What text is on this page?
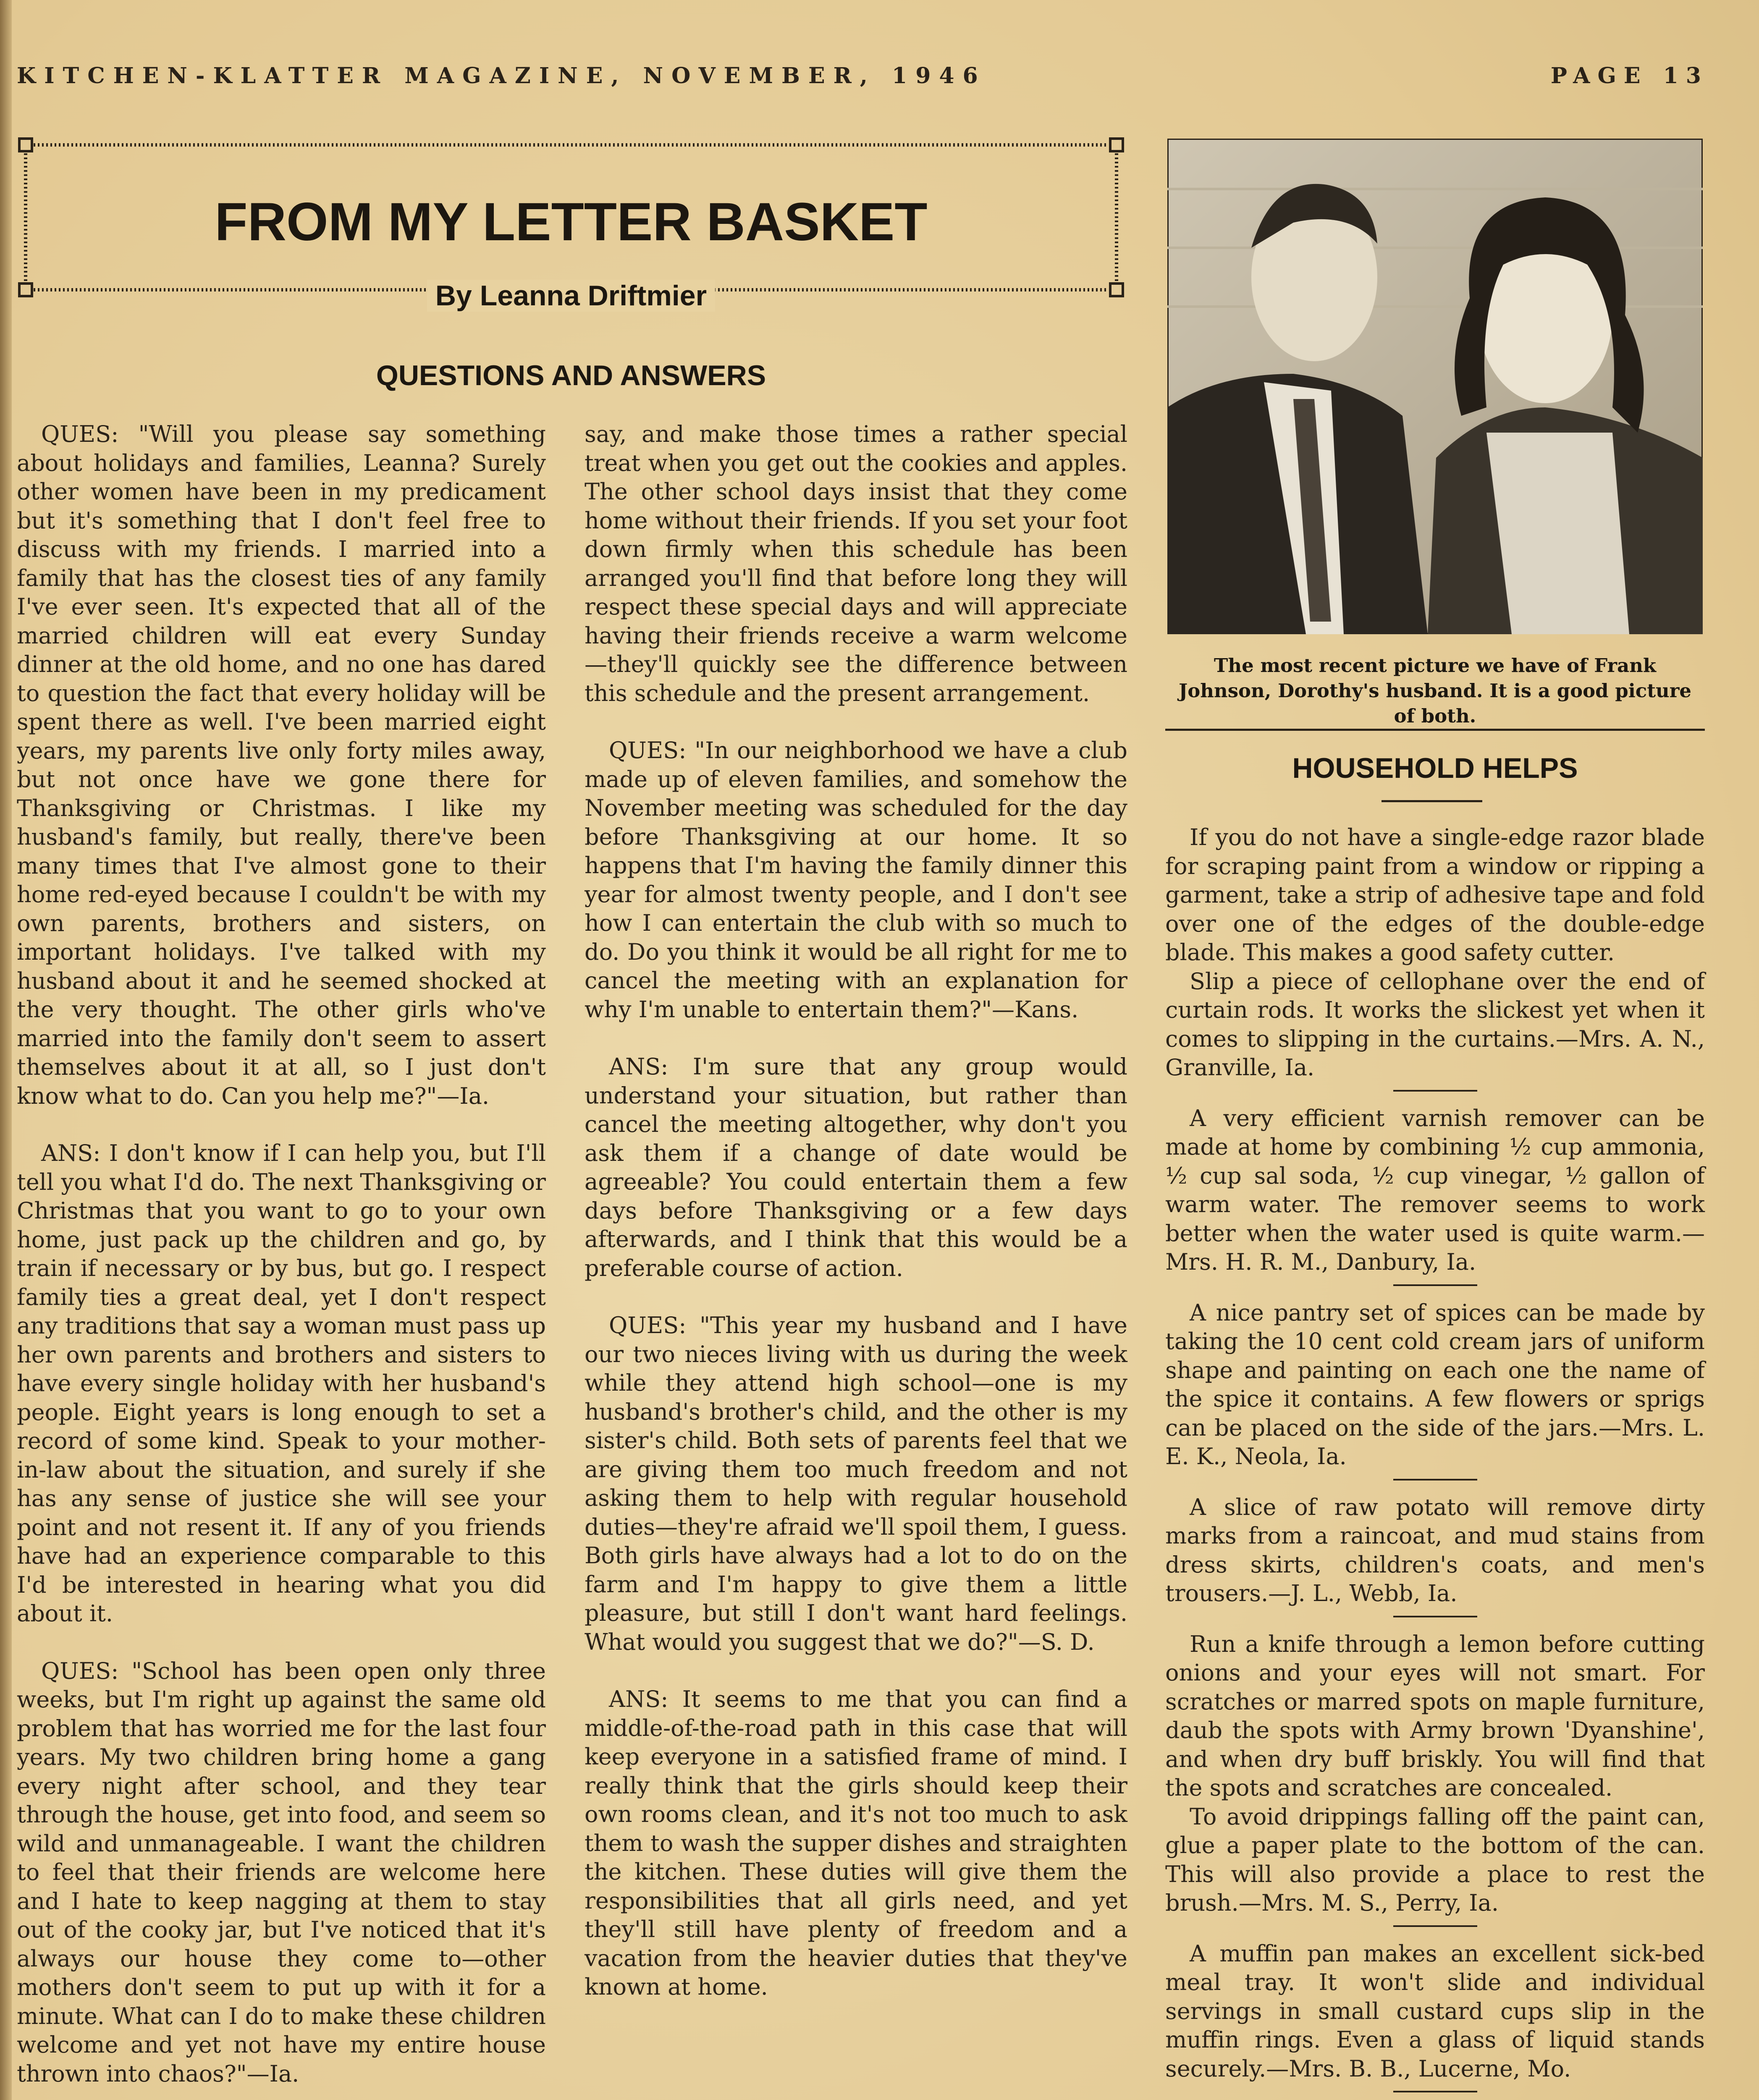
KITCHEN-KLATTER MAGAZINE, NOVEMBER, 1946	PAGE 13
FROM MY LETTER BASKET
By Leanna Driftmier
QUESTIONS AND ANSWERS

QUES: "Will you please say something about holidays and families, Leanna? Surely other women have been in my predicament but it's something that I don't feel free to discuss with my friends. I married into a family that has the closest ties of any family I've ever seen. It's expected that all of the married children will eat every Sunday dinner at the old home, and no one has dared to question the fact that every holiday will be spent there as well. I've been married eight years, my parents live only forty miles away, but not once have we gone there for Thanksgiving or Christmas. I like my husband's family, but really, there've been many times that I've almost gone to their home red-eyed because I couldn't be with my own parents, brothers and sisters, on important holidays. I've talked with my husband about it and he seemed shocked at the very thought. The other girls who've married into the family don't seem to assert themselves about it at all, so I just don't know what to do. Can you help me?"—Ia.

ANS: I don't know if I can help you, but I'll tell you what I'd do. The next Thanksgiving or Christmas that you want to go to your own home, just pack up the children and go, by train if necessary or by bus, but go. I respect family ties a great deal, yet I don't respect any traditions that say a woman must pass up her own parents and brothers and sisters to have every single holiday with her husband's people. Eight years is long enough to set a record of some kind. Speak to your mother-in-law about the situation, and surely if she has any sense of justice she will see your point and not resent it. If any of you friends have had an experience comparable to this I'd be interested in hearing what you did about it.

QUES: "School has been open only three weeks, but I'm right up against the same old problem that has worried me for the last four years. My two children bring home a gang every night after school, and they tear through the house, get into food, and seem so wild and unmanageable. I want the children to feel that their friends are welcome here and I hate to keep nagging at them to stay out of the cooky jar, but I've noticed that it's always our house they come to—other mothers don't seem to put up with it for a minute. What can I do to make these children welcome and yet not have my entire house thrown into chaos?"—Ia.

say, and make those times a rather special treat when you get out the cookies and apples. The other school days insist that they come home without their friends. If you set your foot down firmly when this schedule has been arranged you'll find that before long they will respect these special days and will appreciate having their friends receive a warm welcome—they'll quickly see the difference between this schedule and the present arrangement.

QUES: "In our neighborhood we have a club made up of eleven families, and somehow the November meeting was scheduled for the day before Thanksgiving at our home. It so happens that I'm having the family dinner this year for almost twenty people, and I don't see how I can entertain the club with so much to do. Do you think it would be all right for me to cancel the meeting with an explanation for why I'm unable to entertain them?"—Kans.

ANS: I'm sure that any group would understand your situation, but rather than cancel the meeting altogether, why don't you ask them if a change of date would be agreeable? You could entertain them a few days before Thanksgiving or a few days afterwards, and I think that this would be a preferable course of action.

QUES: "This year my husband and I have our two nieces living with us during the week while they attend high school—one is my husband's brother's child, and the other is my sister's child. Both sets of parents feel that we are giving them too much freedom and not asking them to help with regular household duties—they're afraid we'll spoil them, I guess. Both girls have always had a lot to do on the farm and I'm happy to give them a little pleasure, but still I don't want hard feelings. What would you suggest that we do?"—S. D.

ANS: It seems to me that you can find a middle-of-the-road path in this case that will keep everyone in a satisfied frame of mind. I really think that the girls should keep their own rooms clean, and it's not too much to ask them to wash the supper dishes and straighten the kitchen. These duties will give them the responsibilities that all girls need, and yet they'll still have plenty of freedom and a vacation from the heavier duties that they've known at home.

The most recent picture we have of Frank Johnson, Dorothy's husband. It is a good picture of both.
HOUSEHOLD HELPS

If you do not have a single-edge razor blade for scraping paint from a window or ripping a garment, take a strip of adhesive tape and fold over one of the edges of the double-edge blade. This makes a good safety cutter.

Slip a piece of cellophane over the end of curtain rods. It works the slickest yet when it comes to slipping in the curtains.—Mrs. A. N., Granville, Ia.

A very efficient varnish remover can be made at home by combining ½ cup ammonia, ½ cup sal soda, ½ cup vinegar, ½ gallon of warm water. The remover seems to work better when the water used is quite warm.—Mrs. H. R. M., Danbury, Ia.

A nice pantry set of spices can be made by taking the 10 cent cold cream jars of uniform shape and painting on each one the name of the spice it contains. A few flowers or sprigs can be placed on the side of the jars.—Mrs. L. E. K., Neola, Ia.

A slice of raw potato will remove dirty marks from a raincoat, and mud stains from dress skirts, children's coats, and men's trousers.—J. L., Webb, Ia.

Run a knife through a lemon before cutting onions and your eyes will not smart. For scratches or marred spots on maple furniture, daub the spots with Army brown 'Dyanshine', and when dry buff briskly. You will find that the spots and scratches are concealed.

To avoid drippings falling off the paint can, glue a paper plate to the bottom of the can. This will also provide a place to rest the brush.—Mrs. M. S., Perry, Ia.

A muffin pan makes an excellent sick-bed meal tray. It won't slide and individual servings in small custard cups slip in the muffin rings. Even a glass of liquid stands securely.—Mrs. B. B., Lucerne, Mo.
